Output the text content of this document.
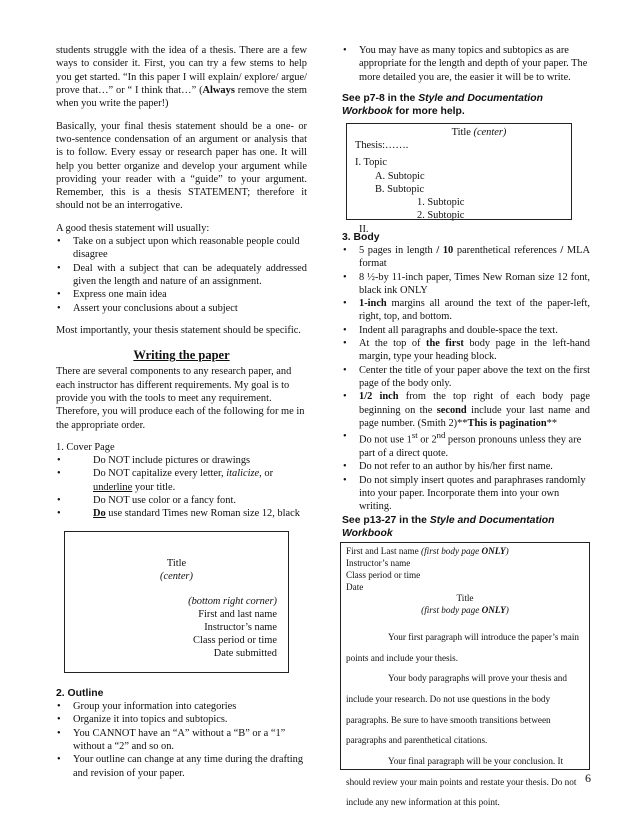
students struggle with the idea of a thesis. There are a few ways to consider it. First, you can try a few stems to help you get started. “In this paper I will explain/ explore/ argue/ prove that…” or “ I think that…” (Always remove the stem when you write the paper!)

Basically, your final thesis statement should be a one- or two-sentence condensation of an argument or analysis that is to follow. Every essay or research paper has one. It will help you better organize and develop your argument while providing your reader with a “guide” to your argument. Remember, this is a thesis STATEMENT; therefore it should not be an interrogative.

A good thesis statement will usually:

• Take on a subject upon which reasonable people could disagree
• Deal with a subject that can be adequately addressed given the length and nature of an assignment.
• Express one main idea
• Assert your conclusions about a subject

Most importantly, your thesis statement should be specific.

Writing the paper

There are several components to any research paper, and each instructor has different requirements. My goal is to provide you with the tools to meet any requirement. Therefore, you will produce each of the following for me in the appropriate order.

1. Cover Page

• Do NOT include pictures or drawings
• Do NOT capitalize every letter, italicize, or underline your title.
• Do NOT use color or a fancy font.
• Do use standard Times new Roman size 12, black
Title
(center)
(bottom right corner)
First and last name
Instructor’s name
Class period or time
Date submitted

2. Outline

• Group your information into categories
• Organize it into topics and subtopics.
• You CANNOT have an “A” without a “B” or a “1” without a “2” and so on.
• Your outline can change at any time during the drafting and revision of your paper.
• You may have as many topics and subtopics as are appropriate for the length and depth of your paper. The more detailed you are, the easier it will be to write.

See p7-8 in the Style and Documentation Workbook for more help.

Title (center)
Thesis:…….
I. Topic
A. Subtopic
B. Subtopic
1. Subtopic
2. Subtopic
II.

3. Body

• 5 pages in length / 10 parenthetical references / MLA format
• 8 ½-by 11-inch paper, Times New Roman size 12 font, black ink ONLY
• 1-inch margins all around the text of the paper-left, right, top, and bottom.
• Indent all paragraphs and double-space the text.
• At the top of the first body page in the left-hand margin, type your heading block.
• Center the title of your paper above the text on the first page of the body only.
• 1/2 inch from the top right of each body page beginning on the second include your last name and page number. (Smith 2)**This is pagination**
• Do not use 1st or 2nd person pronouns unless they are part of a direct quote.
• Do not refer to an author by his/her first name.
• Do not simply insert quotes and paraphrases randomly into your paper. Incorporate them into your own writing.

See p13-27 in the Style and Documentation Workbook

First and Last name (first body page ONLY)
Instructor’s name
Class period or time
Date
Title
(first body page ONLY)
Your first paragraph will introduce the paper’s main points and include your thesis.
Your body paragraphs will prove your thesis and include your research. Do not use questions in the body paragraphs. Be sure to have smooth transitions between paragraphs and parenthetical citations.
Your final paragraph will be your conclusion. It should review your main points and restate your thesis. Do not include any new information at this point.
6
